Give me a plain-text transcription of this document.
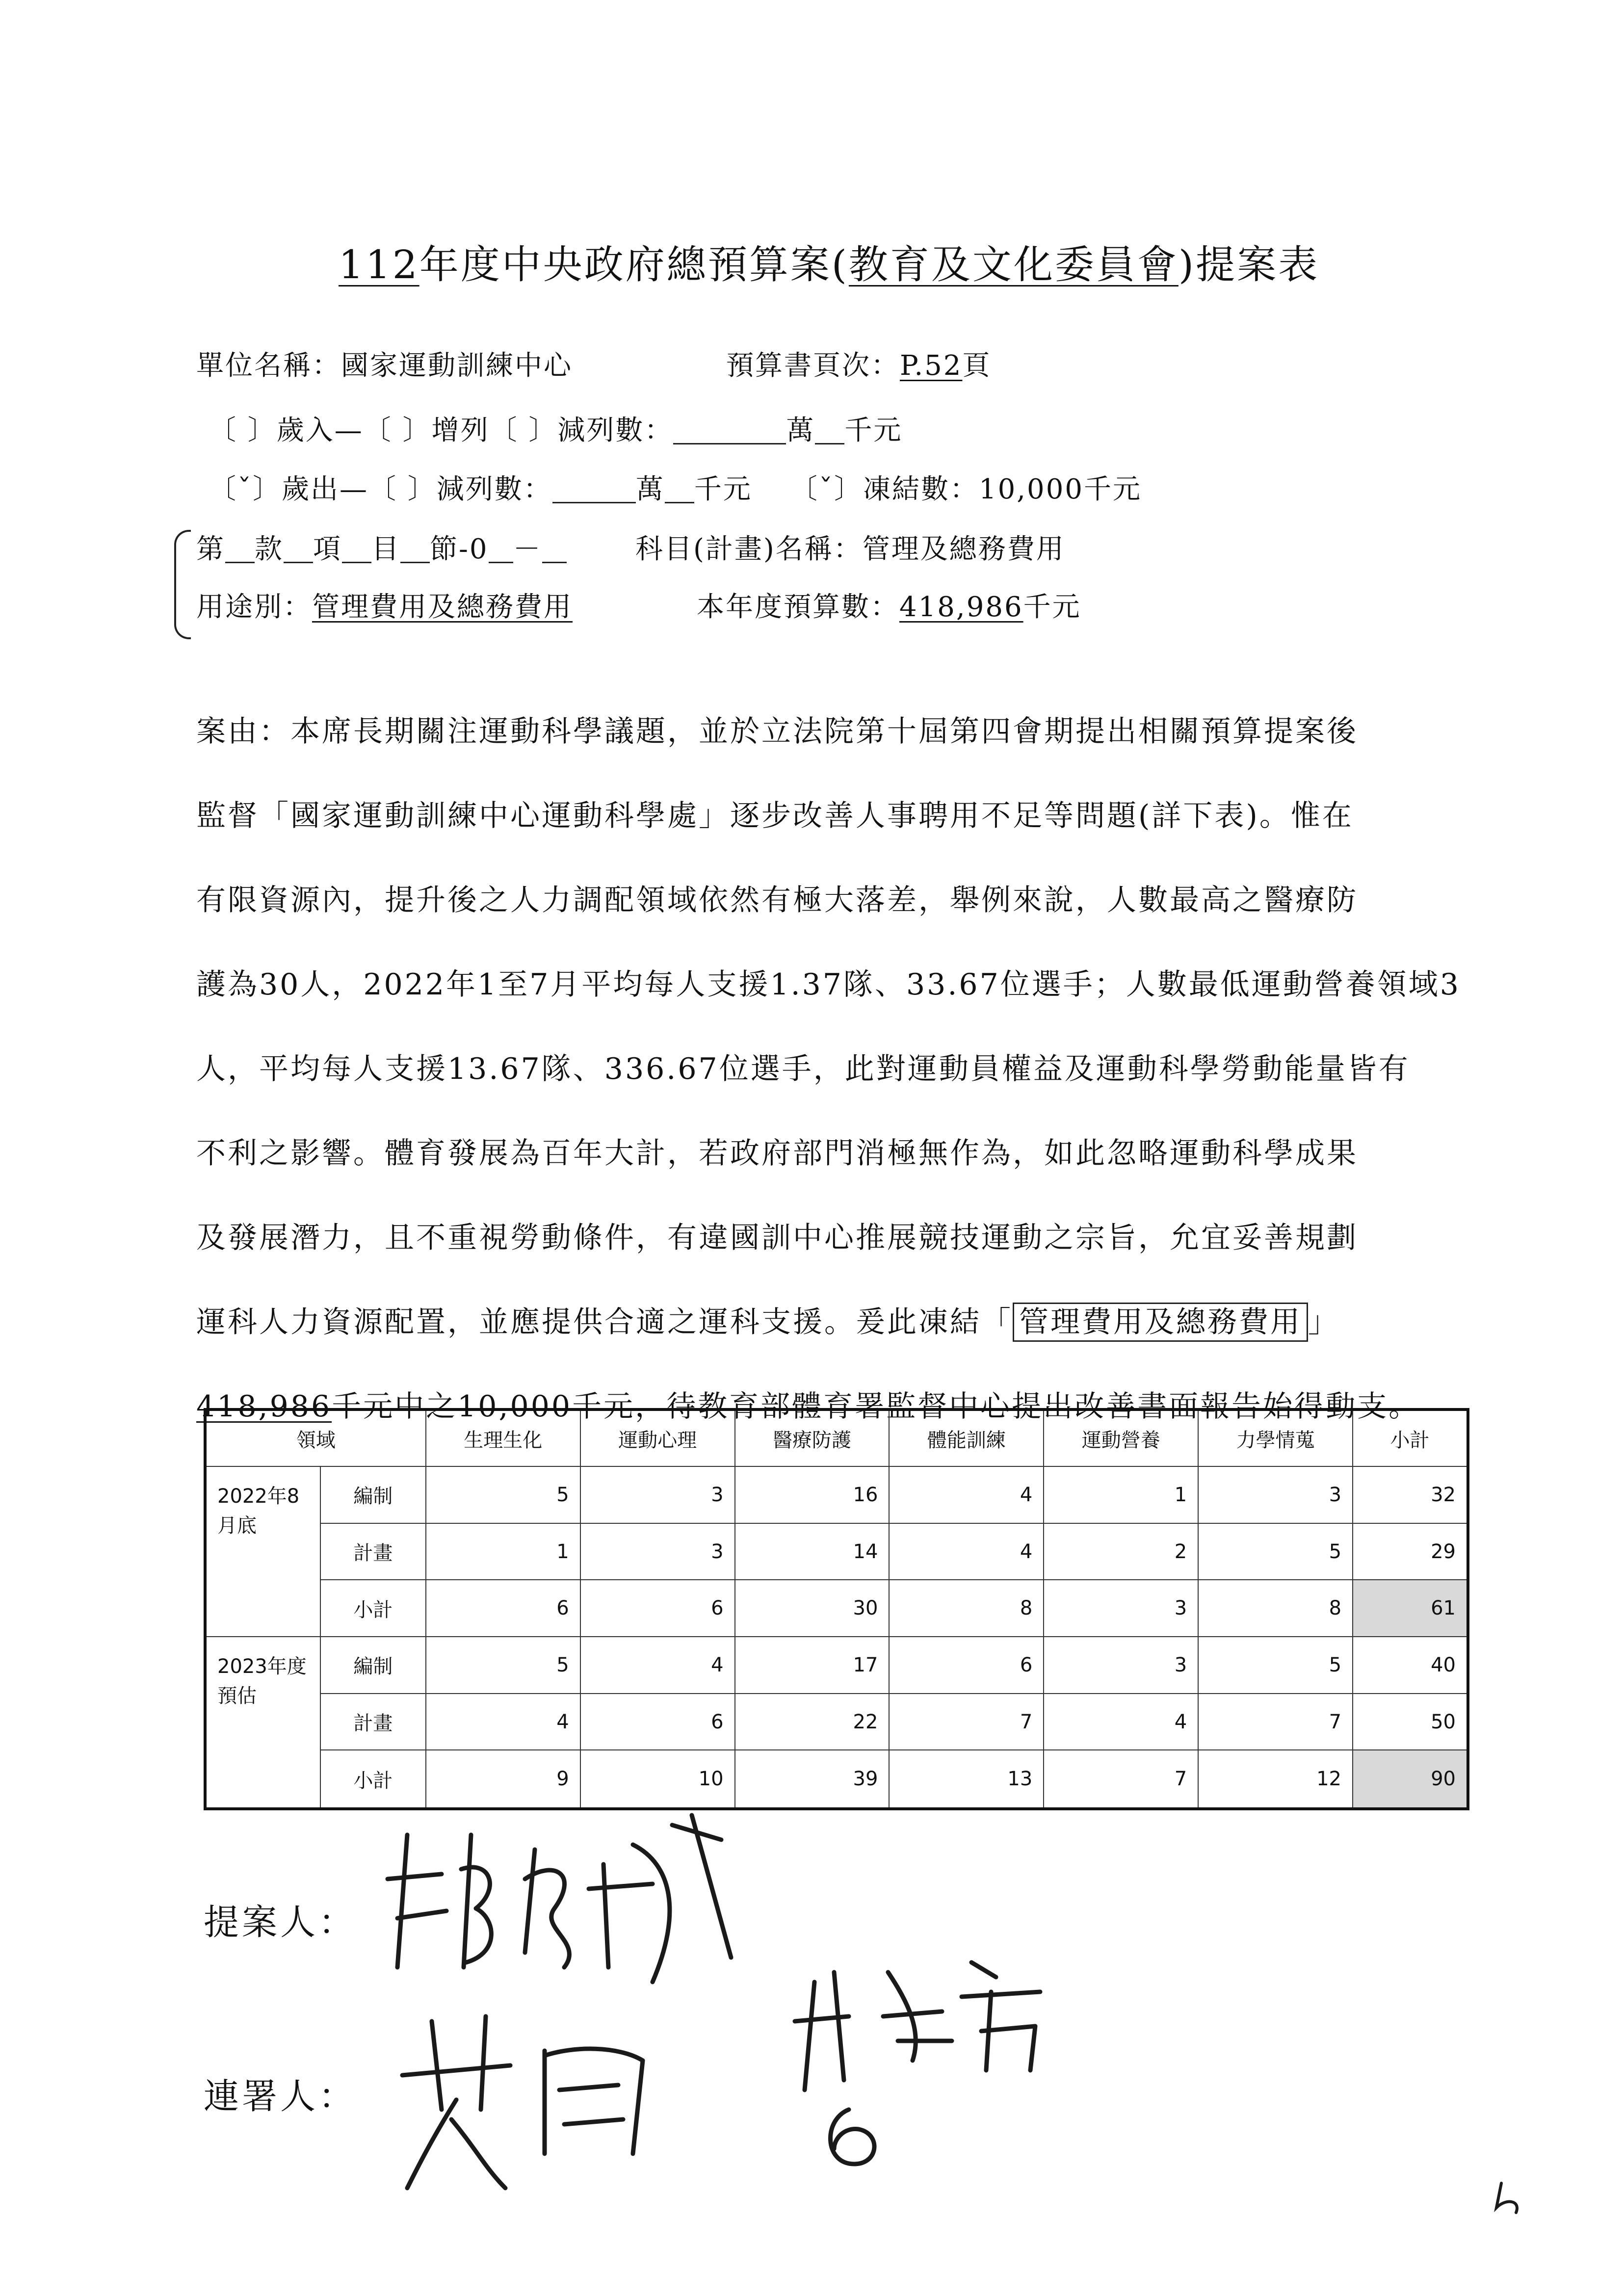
112年度中央政府總預算案(教育及文化委員會)提案表
單位名稱：國家運動訓練中心	預算書頁次：P.52頁
〔 〕歲入—〔 〕增列〔 〕減列數：	萬 千元
〔ˇ〕歲出—〔 〕減列數：	萬 千元 〔ˇ〕凍結數：10,000千元
第 款 項 目 節-0 －	科目(計畫)名稱：管理及總務費用
用途別：管理費用及總務費用	本年度預算數：418,986千元
案由：本席長期關注運動科學議題，並於立法院第十屆第四會期提出相關預算提案後
監督「國家運動訓練中心運動科學處」逐步改善人事聘用不足等問題(詳下表)。惟在
有限資源內，提升後之人力調配領域依然有極大落差，舉例來說，人數最高之醫療防
護為30人，2022年1至7月平均每人支援1.37隊、33.67位選手；人數最低運動營養領域3
人，平均每人支援13.67隊、336.67位選手，此對運動員權益及運動科學勞動能量皆有
不利之影響。體育發展為百年大計，若政府部門消極無作為，如此忽略運動科學成果
及發展潛力，且不重視勞動條件，有違國訓中心推展競技運動之宗旨，允宜妥善規劃
運科人力資源配置，並應提供合適之運科支援。爰此凍結「 管理費用及總務費用 」
418,986千元中之10,000千元，待教育部體育署監督中心提出改善書面報告始得動支。
領域		生理生化	運動心理	醫療防護	體能訓練	運動營養	力學情蒐	小計
2022年8月底	編制	5	3	16	4	1	3	32
	計畫	1	3	14	4	2	5	29
	小計	6	6	30	8	3	8	61
2023年度預估	編制	5	4	17	6	3	5	40
	計畫	4	6	22	7	4	7	50
	小計	9	10	39	13	7	12	90
提案人：
連署人：
